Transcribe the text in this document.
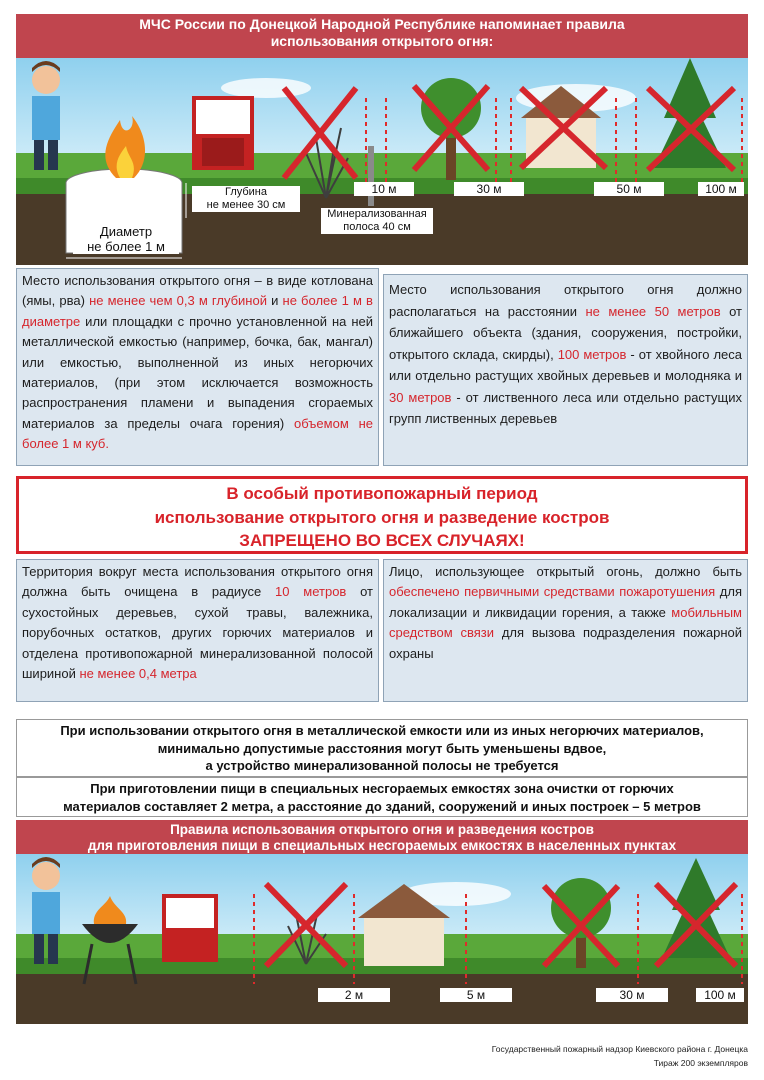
МЧС России по Донецкой Народной Республике напоминает правила
использования открытого огня:
Диаметр
не более 1 м
Глубина
не менее 30 см
Минерализованная
полоса 40 см
10 м	30 м	50 м	100 м
Место использования открытого огня – в виде котлована (ямы, рва) не менее чем 0,3 м глубиной и не более 1 м в диаметре или площадки с прочно установленной на ней металлической емкостью (например, бочка, бак, мангал) или емкостью, выполненной из иных негорючих материалов, (при этом исключается возможность распространения пламени и выпадения сгораемых материалов за пределы очага горения) объемом не более 1 м куб.
Место использования открытого огня должно располагаться на расстоянии не менее 50 метров от ближайшего объекта (здания, сооружения, постройки, открытого склада, скирды), 100 метров - от хвойного леса или отдельно растущих хвойных деревьев и молодняка и 30 метров - от лиственного леса или отдельно растущих групп лиственных деревьев
В особый противопожарный период
использование открытого огня и разведение костров
ЗАПРЕЩЕНО ВО ВСЕХ СЛУЧАЯХ!
Территория вокруг места использования открытого огня должна быть очищена в радиусе 10 метров от сухостойных деревьев, сухой травы, валежника, порубочных остатков, других горючих материалов и отделена противопожарной минерализованной полосой шириной не менее 0,4 метра
Лицо, использующее открытый огонь, должно быть обеспечено первичными средствами пожаротушения для локализации и ликвидации горения, а также мобильным средством связи для вызова подразделения пожарной охраны
При использовании открытого огня в металлической емкости или из иных негорючих материалов,
минимально допустимые расстояния могут быть уменьшены вдвое,
а устройство минерализованной полосы не требуется
При приготовлении пищи в специальных несгораемых емкостях зона очистки от горючих
материалов составляет 2 метра, а расстояние до зданий, сооружений и иных построек – 5 метров
Правила использования открытого огня и разведения костров
для приготовления пищи в специальных несгораемых емкостях в населенных пунктах
2 м	5 м	30 м	100 м
Государственный пожарный надзор Киевского района г. Донецка
Тираж 200 экземпляров
